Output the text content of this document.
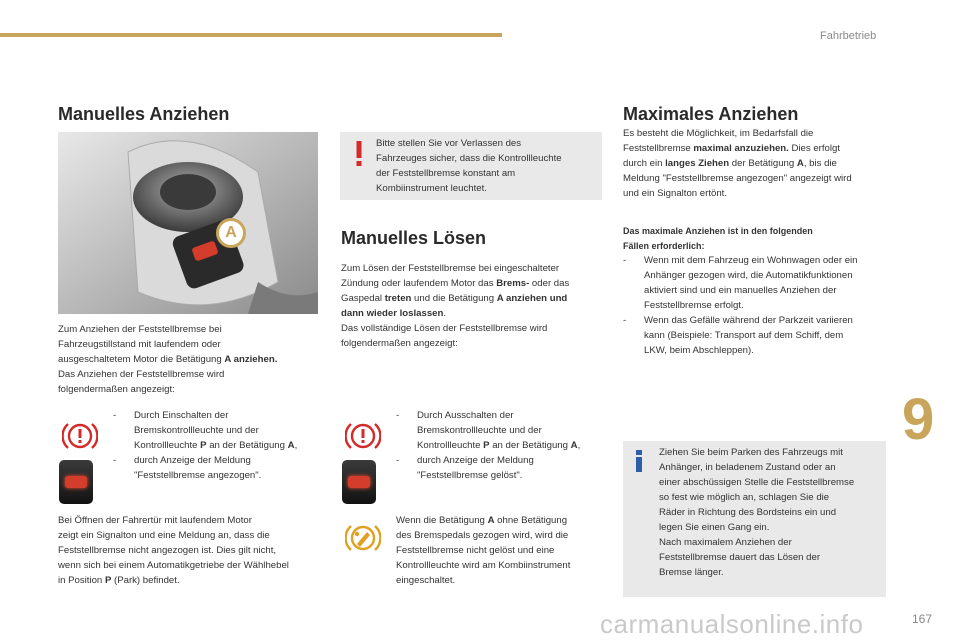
Fahrbetrieb
Manuelles Anziehen
A
Zum Anziehen der Feststellbremse bei
Fahrzeugstillstand mit laufendem oder
ausgeschaltetem Motor die Betätigung A anziehen.
Das Anziehen der Feststellbremse wird
folgendermaßen angezeigt:
-	Durch Einschalten der
Bremskontrollleuchte und der
Kontrollleuchte P an der Betätigung A,
-	durch Anzeige der Meldung
"Feststellbremse angezogen".
Bei Öffnen der Fahrertür mit laufendem Motor
zeigt ein Signalton und eine Meldung an, dass die
Feststellbremse nicht angezogen ist. Dies gilt nicht,
wenn sich bei einem Automatikgetriebe der Wählhebel
in Position P (Park) befindet.
Bitte stellen Sie vor Verlassen des
Fahrzeuges sicher, dass die Kontrollleuchte
der Feststellbremse konstant am
Kombiinstrument leuchtet.
Manuelles Lösen
Zum Lösen der Feststellbremse bei eingeschalteter
Zündung oder laufendem Motor das Brems- oder das
Gaspedal treten und die Betätigung A anziehen und
dann wieder loslassen.
Das vollständige Lösen der Feststellbremse wird
folgendermaßen angezeigt:
-	Durch Ausschalten der
Bremskontrollleuchte und der
Kontrollleuchte P an der Betätigung A,
-	durch Anzeige der Meldung
"Feststellbremse gelöst".
Wenn die Betätigung A ohne Betätigung
des Bremspedals gezogen wird, wird die
Feststellbremse nicht gelöst und eine
Kontrollleuchte wird am Kombiinstrument
eingeschaltet.
Maximales Anziehen
Es besteht die Möglichkeit, im Bedarfsfall die
Feststellbremse maximal anzuziehen. Dies erfolgt
durch ein langes Ziehen der Betätigung A, bis die
Meldung "Feststellbremse angezogen" angezeigt wird
und ein Signalton ertönt.
Das maximale Anziehen ist in den folgenden
Fällen erforderlich:
-	Wenn mit dem Fahrzeug ein Wohnwagen oder ein
Anhänger gezogen wird, die Automatikfunktionen
aktiviert sind und ein manuelles Anziehen der
Feststellbremse erfolgt.
-	Wenn das Gefälle während der Parkzeit variieren
kann (Beispiele: Transport auf dem Schiff, dem
LKW, beim Abschleppen).
Ziehen Sie beim Parken des Fahrzeugs mit
Anhänger, in beladenem Zustand oder an
einer abschüssigen Stelle die Feststellbremse
so fest wie möglich an, schlagen Sie die
Räder in Richtung des Bordsteins ein und
legen Sie einen Gang ein.
Nach maximalem Anziehen der
Feststellbremse dauert das Lösen der
Bremse länger.
9
carmanualsonline.info	167
